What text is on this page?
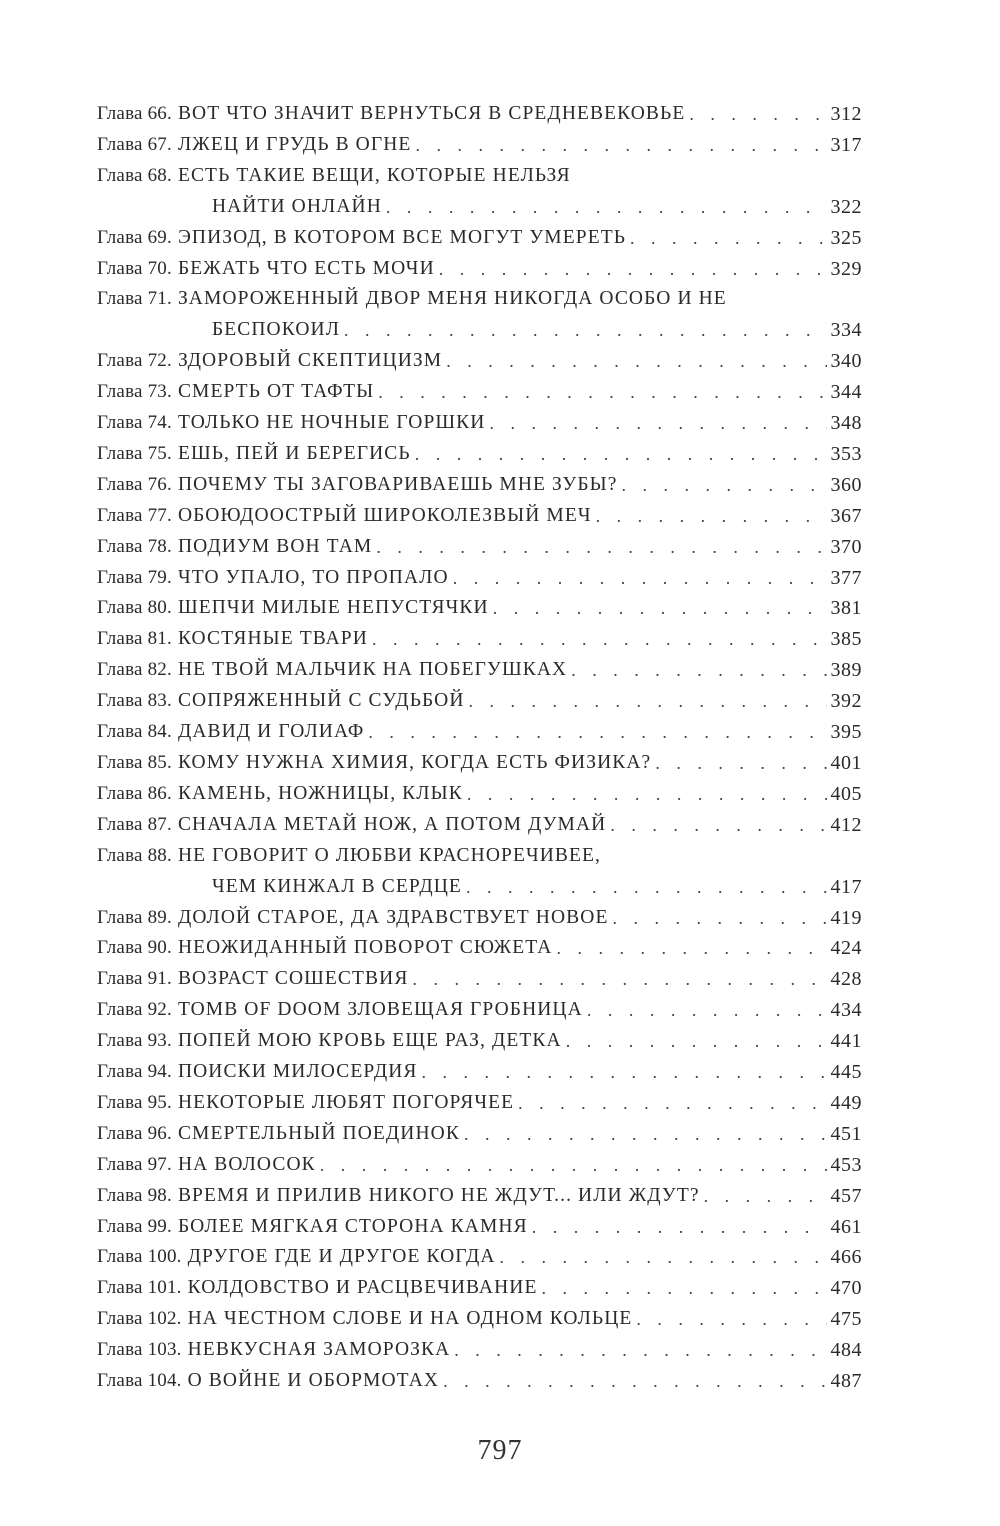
Глава 66. ВОТ ЧТО ЗНАЧИТ ВЕРНУТЬСЯ В СРЕДНЕВЕКОВЬЕ . . .	312
Глава 67. ЛЖЕЦ И ГРУДЬ В ОГНЕ . . .	317
Глава 68. ЕСТЬ ТАКИЕ ВЕЩИ, КОТОРЫЕ НЕЛЬЗЯ
НАЙТИ ОНЛАЙН . . .	322
Глава 69. ЭПИЗОД, В КОТОРОМ ВСЕ МОГУТ УМЕРЕТЬ . . .	325
Глава 70. БЕЖАТЬ ЧТО ЕСТЬ МОЧИ . . .	329
Глава 71. ЗАМОРОЖЕННЫЙ ДВОР МЕНЯ НИКОГДА ОСОБО И НЕ
БЕСПОКОИЛ . . .	334
Глава 72. ЗДОРОВЫЙ СКЕПТИЦИЗМ . . .	340
Глава 73. СМЕРТЬ ОТ ТАФТЫ . . .	344
Глава 74. ТОЛЬКО НЕ НОЧНЫЕ ГОРШКИ . . .	348
Глава 75. ЕШЬ, ПЕЙ И БЕРЕГИСЬ . . .	353
Глава 76. ПОЧЕМУ ТЫ ЗАГОВАРИВАЕШЬ МНЕ ЗУБЫ? . . .	360
Глава 77. ОБОЮДООСТРЫЙ ШИРОКОЛЕЗВЫЙ МЕЧ . . .	367
Глава 78. ПОДИУМ ВОН ТАМ . . .	370
Глава 79. ЧТО УПАЛО, ТО ПРОПАЛО . . .	377
Глава 80. ШЕПЧИ МИЛЫЕ НЕПУСТЯЧКИ . . .	381
Глава 81. КОСТЯНЫЕ ТВАРИ . . .	385
Глава 82. НЕ ТВОЙ МАЛЬЧИК НА ПОБЕГУШКАХ . . .	389
Глава 83. СОПРЯЖЕННЫЙ С СУДЬБОЙ . . .	392
Глава 84. ДАВИД И ГОЛИАФ . . .	395
Глава 85. КОМУ НУЖНА ХИМИЯ, КОГДА ЕСТЬ ФИЗИКА? . . .	401
Глава 86. КАМЕНЬ, НОЖНИЦЫ, КЛЫК . . .	405
Глава 87. СНАЧАЛА МЕТАЙ НОЖ, А ПОТОМ ДУМАЙ . . .	412
Глава 88. НЕ ГОВОРИТ О ЛЮБВИ КРАСНОРЕЧИВЕЕ,
ЧЕМ КИНЖАЛ В СЕРДЦЕ . . .	417
Глава 89. ДОЛОЙ СТАРОЕ, ДА ЗДРАВСТВУЕТ НОВОЕ . . .	419
Глава 90. НЕОЖИДАННЫЙ ПОВОРОТ СЮЖЕТА . . .	424
Глава 91. ВОЗРАСТ СОШЕСТВИЯ . . .	428
Глава 92. TOMB OF DOOM ЗЛОВЕЩАЯ ГРОБНИЦА . . .	434
Глава 93. ПОПЕЙ МОЮ КРОВЬ ЕЩЕ РАЗ, ДЕТКА . . .	441
Глава 94. ПОИСКИ МИЛОСЕРДИЯ . . .	445
Глава 95. НЕКОТОРЫЕ ЛЮБЯТ ПОГОРЯЧЕЕ . . .	449
Глава 96. СМЕРТЕЛЬНЫЙ ПОЕДИНОК . . .	451
Глава 97. НА ВОЛОСОК . . .	453
Глава 98. ВРЕМЯ И ПРИЛИВ НИКОГО НЕ ЖДУТ... ИЛИ ЖДУТ? . . .	457
Глава 99. БОЛЕЕ МЯГКАЯ СТОРОНА КАМНЯ . . .	461
Глава 100. ДРУГОЕ ГДЕ И ДРУГОЕ КОГДА . . .	466
Глава 101. КОЛДОВСТВО И РАСЦВЕЧИВАНИЕ . . .	470
Глава 102. НА ЧЕСТНОМ СЛОВЕ И НА ОДНОМ КОЛЬЦЕ . . .	475
Глава 103. НЕВКУСНАЯ ЗАМОРОЗКА . . .	484
Глава 104. О ВОЙНЕ И ОБОРМОТАХ . . .	487
797
